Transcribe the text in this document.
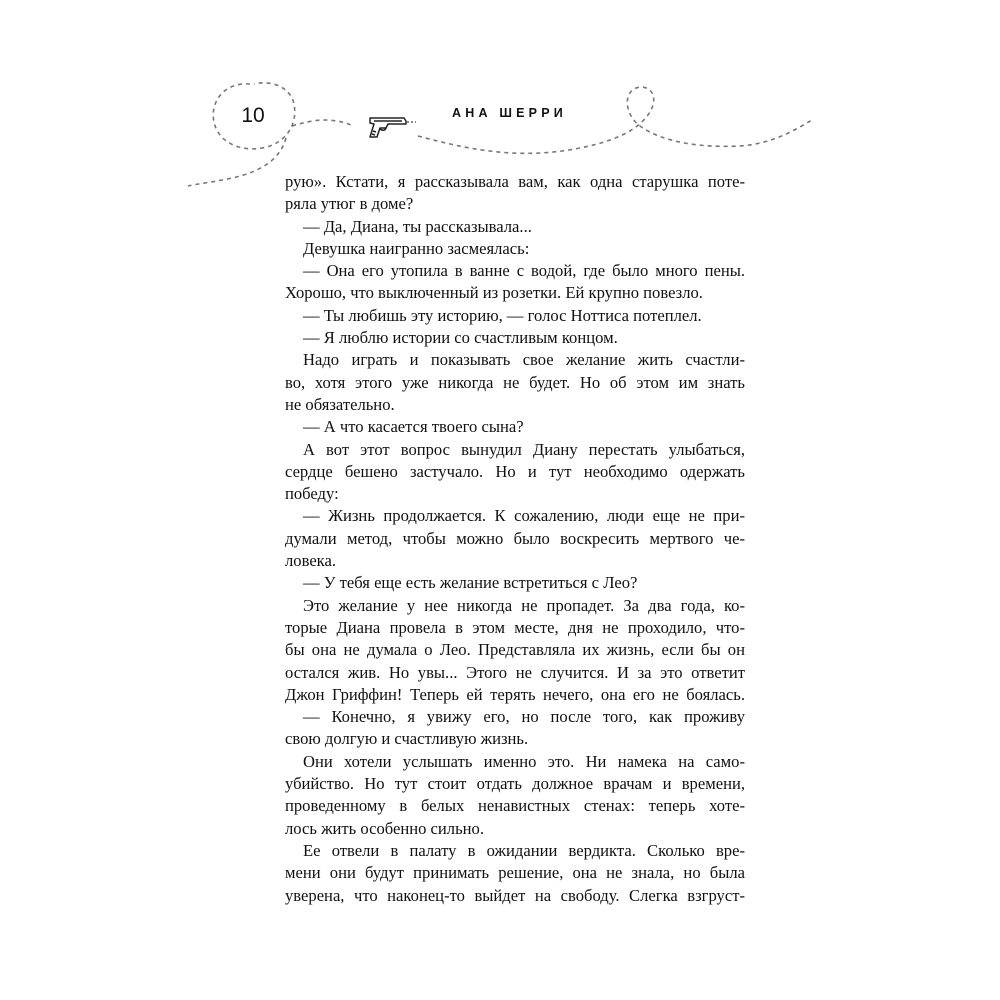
10	АНА ШЕРРИ
рую». Кстати, я рассказывала вам, как одна старушка поте-
ряла утюг в доме?
— Да, Диана, ты рассказывала...
Девушка наигранно засмеялась:
— Она его утопила в ванне с водой, где было много пены.
Хорошо, что выключенный из розетки. Ей крупно повезло.
— Ты любишь эту историю, — голос Ноттиса потеплел.
— Я люблю истории со счастливым концом.
Надо играть и показывать свое желание жить счастли-
во, хотя этого уже никогда не будет. Но об этом им знать
не обязательно.
— А что касается твоего сына?
А вот этот вопрос вынудил Диану перестать улыбаться,
сердце бешено застучало. Но и тут необходимо одержать
победу:
— Жизнь продолжается. К сожалению, люди еще не при-
думали метод, чтобы можно было воскресить мертвого че-
ловека.
— У тебя еще есть желание встретиться с Лео?
Это желание у нее никогда не пропадет. За два года, ко-
торые Диана провела в этом месте, дня не проходило, что-
бы она не думала о Лео. Представляла их жизнь, если бы он
остался жив. Но увы... Этого не случится. И за это ответит
Джон Гриффин! Теперь ей терять нечего, она его не боялась.
— Конечно, я увижу его, но после того, как проживу
свою долгую и счастливую жизнь.
Они хотели услышать именно это. Ни намека на само-
убийство. Но тут стоит отдать должное врачам и времени,
проведенному в белых ненавистных стенах: теперь хоте-
лось жить особенно сильно.
Ее отвели в палату в ожидании вердикта. Сколько вре-
мени они будут принимать решение, она не знала, но была
уверена, что наконец-то выйдет на свободу. Слегка взгруст-
